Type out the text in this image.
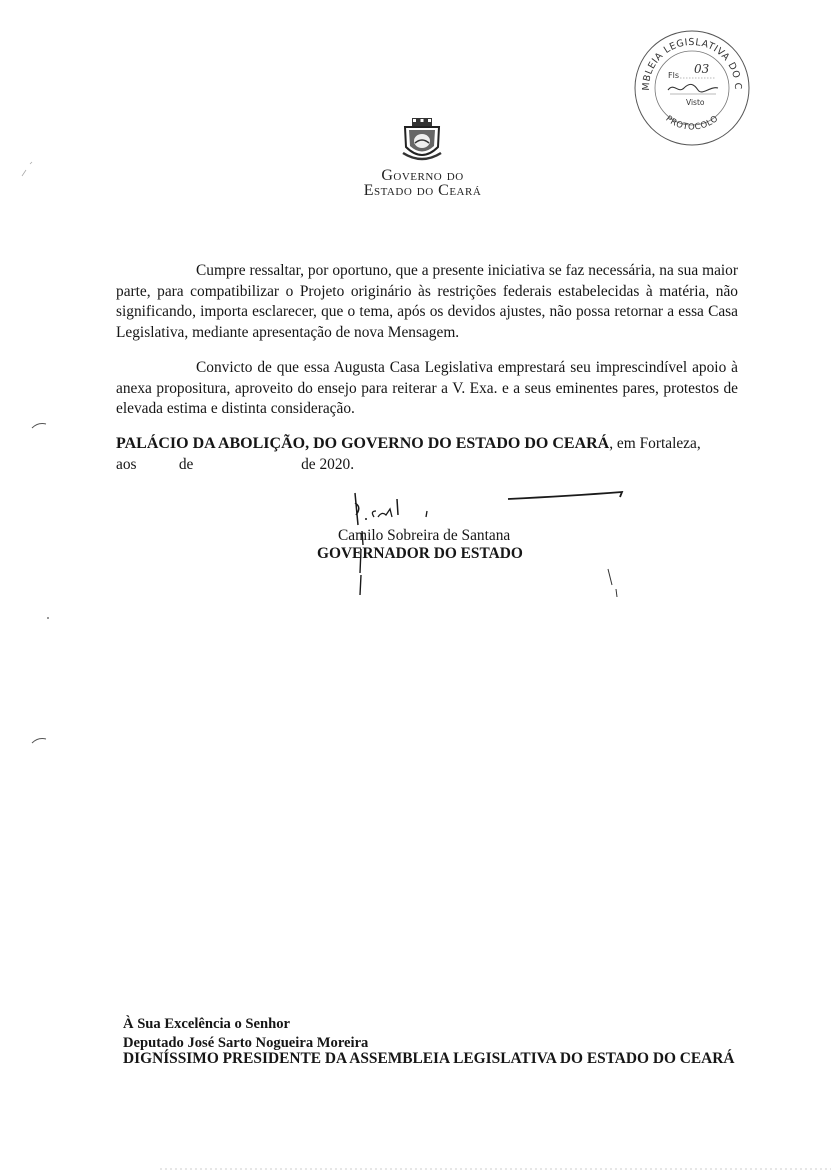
MBLEIA LEGISLATIVA DO C
PROTOCOLO
Fls 03
Visto
Governo do
Estado do Ceará

Cumpre ressaltar, por oportuno, que a presente iniciativa se faz necessária, na sua maior parte, para compatibilizar o Projeto originário às restrições federais estabelecidas à matéria, não significando, importa esclarecer, que o tema, após os devidos ajustes, não possa retornar a essa Casa Legislativa, mediante apresentação de nova Mensagem.

Convicto de que essa Augusta Casa Legislativa emprestará seu imprescindível apoio à anexa propositura, aproveito do ensejo para reiterar a V. Exa. e a seus eminentes pares, protestos de elevada estima e distinta consideração.

PALÁCIO DA ABOLIÇÃO, DO GOVERNO DO ESTADO DO CEARÁ, em Fortaleza,
aos           de                            de 2020.
Camilo Sobreira de Santana
GOVERNADOR DO ESTADO
À Sua Excelência o Senhor
Deputado José Sarto Nogueira Moreira
DIGNÍSSIMO PRESIDENTE DA ASSEMBLEIA LEGISLATIVA DO ESTADO DO CEARÁ
